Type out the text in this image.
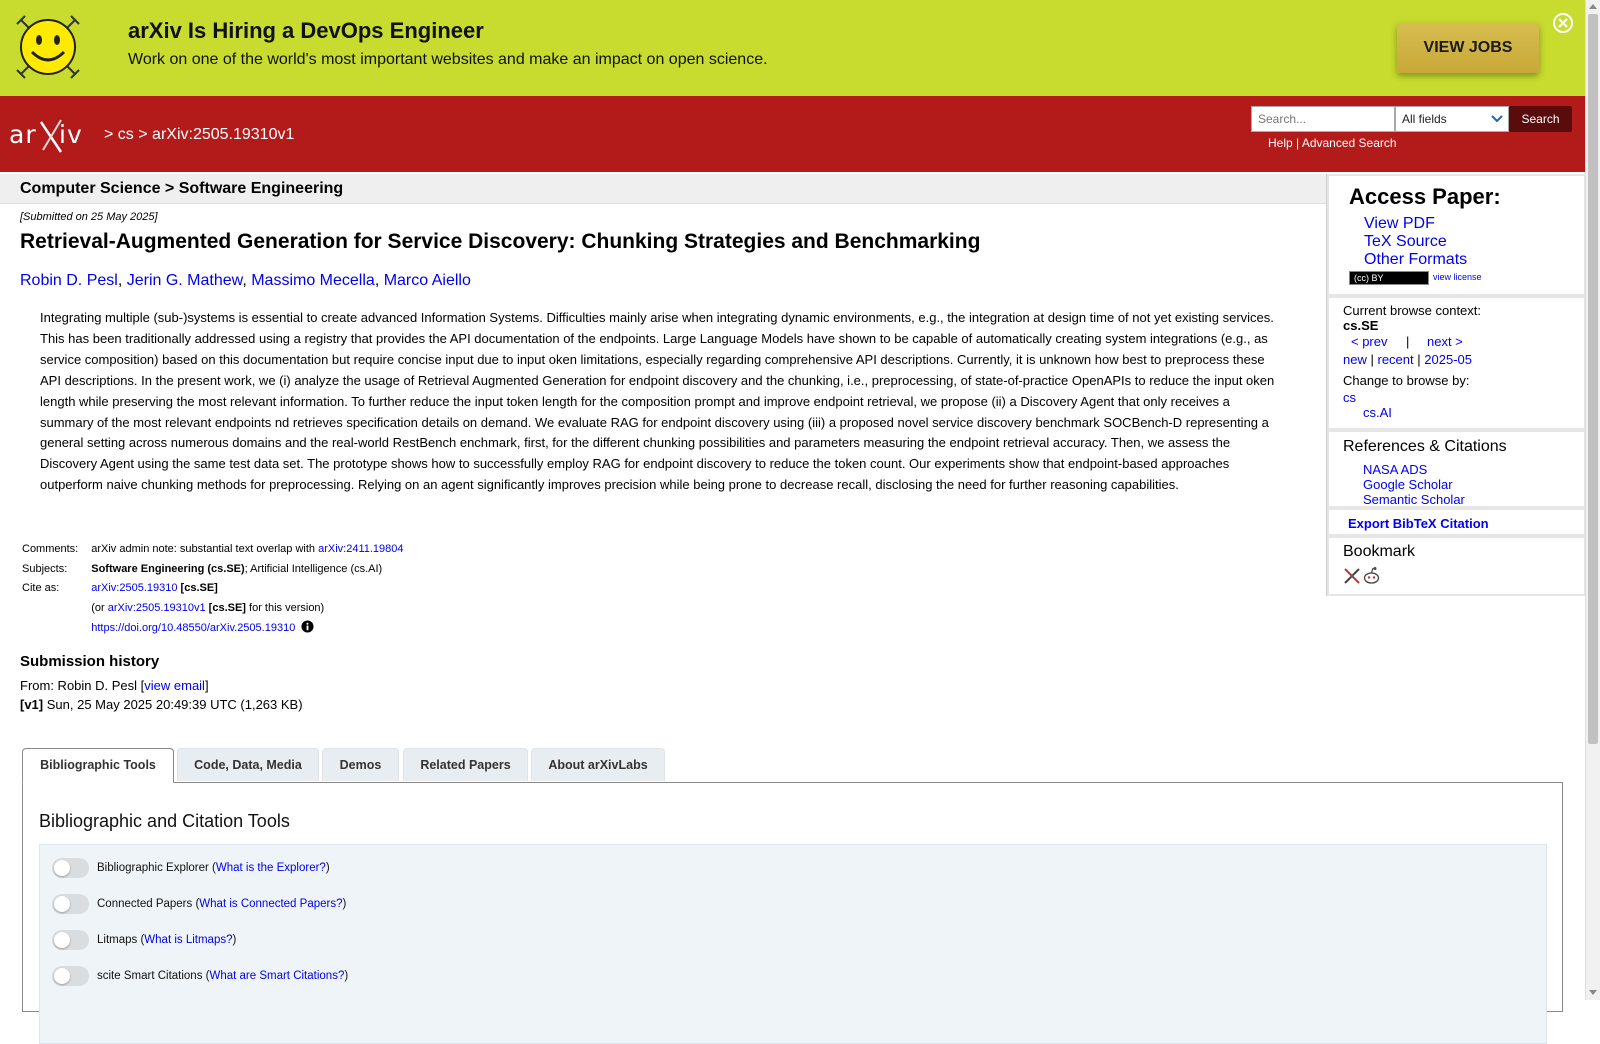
arXiv Is Hiring a DevOps Engineer
Work on one of the world's most important websites and make an impact on open science.
VIEW JOBS
ar iv > cs > arXiv:2505.19310v1
Search...	All fields	Search
Help | Advanced Search
Computer Science > Software Engineering
[Submitted on 25 May 2025]
Retrieval-Augmented Generation for Service Discovery: Chunking Strategies and Benchmarking
Robin D. Pesl, Jerin G. Mathew, Massimo Mecella, Marco Aiello

Integrating multiple (sub-)systems is essential to create advanced Information Systems. Difficulties mainly arise when integrating dynamic environments, e.g., the integration at design time of not yet existing services. This has been traditionally addressed using a registry that provides the API documentation of the endpoints. Large Language Models have shown to be capable of automatically creating system integrations (e.g., as service composition) based on this documentation but require concise input due to input oken limitations, especially regarding comprehensive API descriptions. Currently, it is unknown how best to preprocess these API descriptions. In the present work, we (i) analyze the usage of Retrieval Augmented Generation for endpoint discovery and the chunking, i.e., preprocessing, of state-of-practice OpenAPIs to reduce the input oken length while preserving the most relevant information. To further reduce the input token length for the composition prompt and improve endpoint retrieval, we propose (ii) a Discovery Agent that only receives a summary of the most relevant endpoints nd retrieves specification details on demand. We evaluate RAG for endpoint discovery using (iii) a proposed novel service discovery benchmark SOCBench-D representing a general setting across numerous domains and the real-world RestBench enchmark, first, for the different chunking possibilities and parameters measuring the endpoint retrieval accuracy. Then, we assess the Discovery Agent using the same test data set. The prototype shows how to successfully employ RAG for endpoint discovery to reduce the token count. Our experiments show that endpoint-based approaches outperform naive chunking methods for preprocessing. Relying on an agent significantly improves precision while being prone to decrease recall, disclosing the need for further reasoning capabilities.

Comments:	arXiv admin note: substantial text overlap with arXiv:2411.19804
Subjects:	Software Engineering (cs.SE); Artificial Intelligence (cs.AI)
Cite as:	arXiv:2505.19310 [cs.SE]
	(or arXiv:2505.19310v1 [cs.SE] for this version)
	https://doi.org/10.48550/arXiv.2505.19310
Submission history
From: Robin D. Pesl [view email]
[v1] Sun, 25 May 2025 20:49:39 UTC (1,263 KB)
Bibliographic Tools	Code, Data, Media	Demos	Related Papers	About arXivLabs
Bibliographic and Citation Tools
Bibliographic Explorer (What is the Explorer?)
Connected Papers (What is Connected Papers?)
Litmaps (What is Litmaps?)
scite Smart Citations (What are Smart Citations?)
Access Paper:
View PDF
TeX Source
Other Formats
(cc) BY	view license
Current browse context:
cs.SE
< prev | next >
new | recent | 2025-05
Change to browse by:
cs
cs.AI
References & Citations
NASA ADS
Google Scholar
Semantic Scholar
Export BibTeX Citation
Bookmark
